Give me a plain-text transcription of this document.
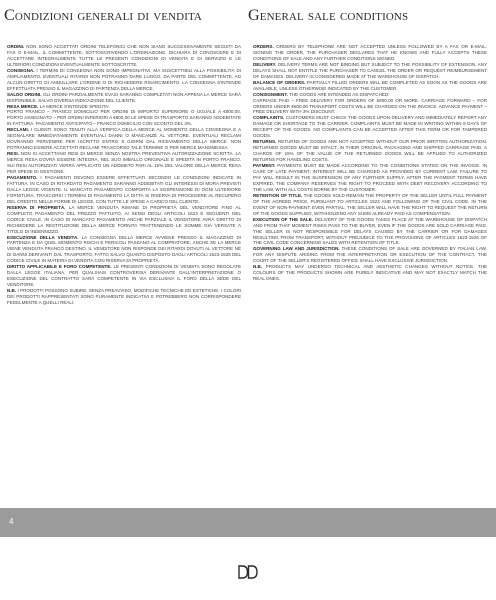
Condizioni generali di vendita	General sale conditions

ORDINI. NON SONO ACCETTATI ORDINI TELEFONICI CHE NON SIANO SUCCESSIVAMENTE SEGUITI DA FAX O E-MAIL. IL COMMITTENTE, SOTTOSCRIVENDO L'ORDINAZIONE, DICHIARA DI CONOSCERE E DI ACCETTARE INTEGRALMENTE TUTTE LE PRESENTI CONDIZIONI DI VENDITA E DI SERVIZIO E LE ULTERIORI CONDIZIONI EVENTUALMENTE SOTTOSCRITTE.

CONSEGNA. I TERMINI DI CONSEGNA NON SONO IMPEGNATIVI, MA SUSCETTIBILI ALLA POSSIBILITÀ DI AMPLIAMENTO. EVENTUALI RITARDI NON POTRANNO DARE LUOGO, DA PARTE DEL COMMITTENTE, AD ALCUN DIRITTO DI ANNULLARE L'ORDINE O DI RICHIEDERE RISARCIMENTO. LA CONSEGNA S'INTENDE EFFETTUATA PRESSO IL MAGAZZINO DI PARTENZA DELLA MERCE.

SALDO ORDINI. GLI ORDINI PARZIALMENTE EVASI SARANNO COMPLETATI NON APPENA LA MERCE SARÀ DISPONIBILE, SALVO DIVERSA INDICAZIONE DEL CLIENTE.

RESA MERCE. LA MERCE S'INTENDE SPEDITA:

PORTO FRANCO – FRANCO DOMICILIO PER ORDINI DI IMPORTO SUPERIORE O UGUALE A €800,00. PORTO ASSEGNATO – PER ORDINI INFERIORI A €800,00 LE SPESE DI TRASPORTO SARANNO ADDEBITATE IN FATTURA. PAGAMENTO ANTICIPATO – FRANCO DOMICILIO CON SCONTO DEL 3%.

RECLAMI. I CLIENTI SONO TENUTI ALLA VERIFICA DELLA MERCE AL MOMENTO DELLA CONSEGNA E A SEGNALARE IMMEDIATAMENTE EVENTUALI DANNI O MANCANZE AL VETTORE. EVENTUALI RECLAMI DOVRANNO PERVENIRE PER ISCRITTO ENTRO 8 GIORNI DAL RICEVIMENTO DELLA MERCE. NON POTRANNO ESSERE ACCETTATI RECLAMI TRASCORSO TALE TERMINE O PER MERCE MANOMESSA.

RESI. NON SI ACCETTANO RESI DI MERCE SENZA NOSTRA PREVENTIVA AUTORIZZAZIONE SCRITTA. LA MERCE RESA DOVRÀ ESSERE INTEGRA, NEL SUO IMBALLO ORIGINALE E SPEDITA IN PORTO FRANCO. SUI RESI AUTORIZZATI VERRÀ APPLICATO UN ADDEBITO PARI AL 15% DEL VALORE DELLA MERCE RESA PER SPESE DI GESTIONE.

PAGAMENTO. I PAGAMENTI DEVONO ESSERE EFFETTUATI SECONDO LE CONDIZIONI INDICATE IN FATTURA. IN CASO DI RITARDATO PAGAMENTO SARANNO ADDEBITATI GLI INTERESSI DI MORA PREVISTI DALLA LEGGE VIGENTE. IL MANCATO PAGAMENTO COMPORTA LA SOSPENSIONE DI OGNI ULTERIORE FORNITURA. TRASCORSI I TERMINI DI PAGAMENTO LA DITTA SI RISERVA DI PROCEDERE AL RECUPERO DEL CREDITO NELLE FORME DI LEGGE, CON TUTTE LE SPESE A CARICO DEL CLIENTE.

RISERVA DI PROPRIETÀ. LA MERCE VENDUTA RIMANE DI PROPRIETÀ DEL VENDITORE FINO AL COMPLETO PAGAMENTO DEL PREZZO PATTUITO, AI SENSI DEGLI ARTICOLI 1523 E SEGUENTI DEL CODICE CIVILE. IN CASO DI MANCATO PAGAMENTO ANCHE PARZIALE IL VENDITORE AVRÀ DIRITTO DI RICHIEDERE LA RESTITUZIONE DELLA MERCE FORNITA TRATTENENDO LE SOMME GIÀ VERSATE A TITOLO DI INDENNIZZO.

ESECUZIONE DELLA VENDITA. LA CONSEGNA DELLA MERCE AVVIENE PRESSO IL MAGAZZINO DI PARTENZA E DA QUEL MOMENTO RISCHI E PERICOLI PASSANO AL COMPRATORE, ANCHE SE LA MERCE VIENE VENDUTA FRANCO DESTINO. IL VENDITORE NON RISPONDE DEI RITARDI DOVUTI AL VETTORE NÉ DI DANNI DERIVANTI DAL TRASPORTO, FATTO SALVO QUANTO DISPOSTO DAGLI ARTICOLI 1523-1526 DEL CODICE CIVILE IN MATERIA DI VENDITA CON RISERVA DI PROPRIETÀ.

DIRITTO APPLICABILE E FORO COMPETENTE. LE PRESENTI CONDIZIONI DI VENDITA SONO REGOLATE DALLA LEGGE ITALIANA. PER QUALSIASI CONTROVERSIA DERIVANTE DALL'INTERPRETAZIONE O ESECUZIONE DEL CONTRATTO SARÀ COMPETENTE IN VIA ESCLUSIVA IL FORO DELLA SEDE DEL VENDITORE.

N.B. I PRODOTTI POSSONO SUBIRE, SENZA PREAVVISO, MODIFICHE TECNICHE ED ESTETICHE. I COLORI DEI PRODOTTI RAPPRESENTATI SONO PURAMENTE INDICATIVI E POTREBBERO NON CORRISPONDERE FEDELMENTE A QUELLI REALI.

ORDERS. ORDERS BY TELEPHONE ARE NOT ACCEPTED UNLESS FOLLOWED BY A FAX OR E-MAIL. SIGNING THE ORDER, THE PURCHASER DECLARES THAT HE KNOWS AND FULLY ACCEPTS THESE CONDITIONS OF SALE AND ANY FURTHER CONDITIONS SIGNED.

DELIVERY. DELIVERY TERMS ARE NOT BINDING BUT SUBJECT TO THE POSSIBILITY OF EXTENSION. ANY DELAYS SHALL NOT ENTITLE THE PURCHASER TO CANCEL THE ORDER OR REQUEST REIMBURSEMENT OF DAMAGES. DELIVERY IS CONSIDERED MADE AT THE WAREHOUSE OF DISPATCH.

BALANCE OF ORDERS. PARTIALLY FILLED ORDERS WILL BE COMPLETED AS SOON AS THE GOODS ARE AVAILABLE, UNLESS OTHERWISE INDICATED BY THE CUSTOMER.

CONSIGNMENT. THE GOODS ARE INTENDED AS DISPATCHED:

CARRIAGE PAID – FREE DELIVERY FOR ORDERS OF €800,00 OR MORE. CARRIAGE FORWARD – FOR ORDERS UNDER €800,00 TRANSPORT COSTS WILL BE CHARGED ON THE INVOICE. ADVANCE PAYMENT – FREE DELIVERY WITH 3% DISCOUNT.

COMPLAINTS. CUSTOMERS MUST CHECK THE GOODS UPON DELIVERY AND IMMEDIATELY REPORT ANY DAMAGE OR SHORTAGE TO THE CARRIER. COMPLAINTS MUST BE MADE IN WRITING WITHIN 8 DAYS OF RECEIPT OF THE GOODS. NO COMPLAINTS CAN BE ACCEPTED AFTER THIS TERM OR FOR TAMPERED GOODS.

RETURNS. RETURNS OF GOODS ARE NOT ACCEPTED WITHOUT OUR PRIOR WRITTEN AUTHORIZATION. RETURNED GOODS MUST BE INTACT, IN THEIR ORIGINAL PACKAGING AND SHIPPED CARRIAGE PAID. A CHARGE OF 15% OF THE VALUE OF THE RETURNED GOODS WILL BE APPLIED TO AUTHORIZED RETURNS FOR HANDLING COSTS.

PAYMENT. PAYMENTS MUST BE MADE ACCORDING TO THE CONDITIONS STATED ON THE INVOICE. IN CASE OF LATE PAYMENT, INTEREST WILL BE CHARGED AS PROVIDED BY CURRENT LAW. FAILURE TO PAY WILL RESULT IN THE SUSPENSION OF ANY FURTHER SUPPLY. AFTER THE PAYMENT TERMS HAVE EXPIRED, THE COMPANY RESERVES THE RIGHT TO PROCEED WITH DEBT RECOVERY ACCORDING TO THE LAW, WITH ALL COSTS BORNE BY THE CUSTOMER.

RETENTION OF TITLE. THE GOODS SOLD REMAIN THE PROPERTY OF THE SELLER UNTIL FULL PAYMENT OF THE AGREED PRICE, PURSUANT TO ARTICLES 1523 AND FOLLOWING OF THE CIVIL CODE. IN THE EVENT OF NON-PAYMENT, EVEN PARTIAL, THE SELLER WILL HAVE THE RIGHT TO REQUEST THE RETURN OF THE GOODS SUPPLIED, WITHHOLDING ANY SUMS ALREADY PAID AS COMPENSATION.

EXECUTION OF THE SALE. DELIVERY OF THE GOODS TAKES PLACE AT THE WAREHOUSE OF DISPATCH AND FROM THAT MOMENT RISKS PASS TO THE BUYER, EVEN IF THE GOODS ARE SOLD CARRIAGE PAID. THE SELLER IS NOT RESPONSIBLE FOR DELAYS CAUSED BY THE CARRIER OR FOR DAMAGES RESULTING FROM TRANSPORT, WITHOUT PREJUDICE TO THE PROVISIONS OF ARTICLES 1523-1526 OF THE CIVIL CODE CONCERNING SALES WITH RETENTION OF TITLE.

GOVERNING LAW AND JURISDICTION. THESE CONDITIONS OF SALE ARE GOVERNED BY ITALIAN LAW. FOR ANY DISPUTE ARISING FROM THE INTERPRETATION OR EXECUTION OF THE CONTRACT, THE COURT OF THE SELLER'S REGISTERED OFFICE SHALL HAVE EXCLUSIVE JURISDICTION.

N.B. PRODUCTS MAY UNDERGO TECHNICAL AND AESTHETIC CHANGES WITHOUT NOTICE. THE COLOURS OF THE PRODUCTS SHOWN ARE PURELY INDICATIVE AND MAY NOT EXACTLY MATCH THE REAL ONES.

4
